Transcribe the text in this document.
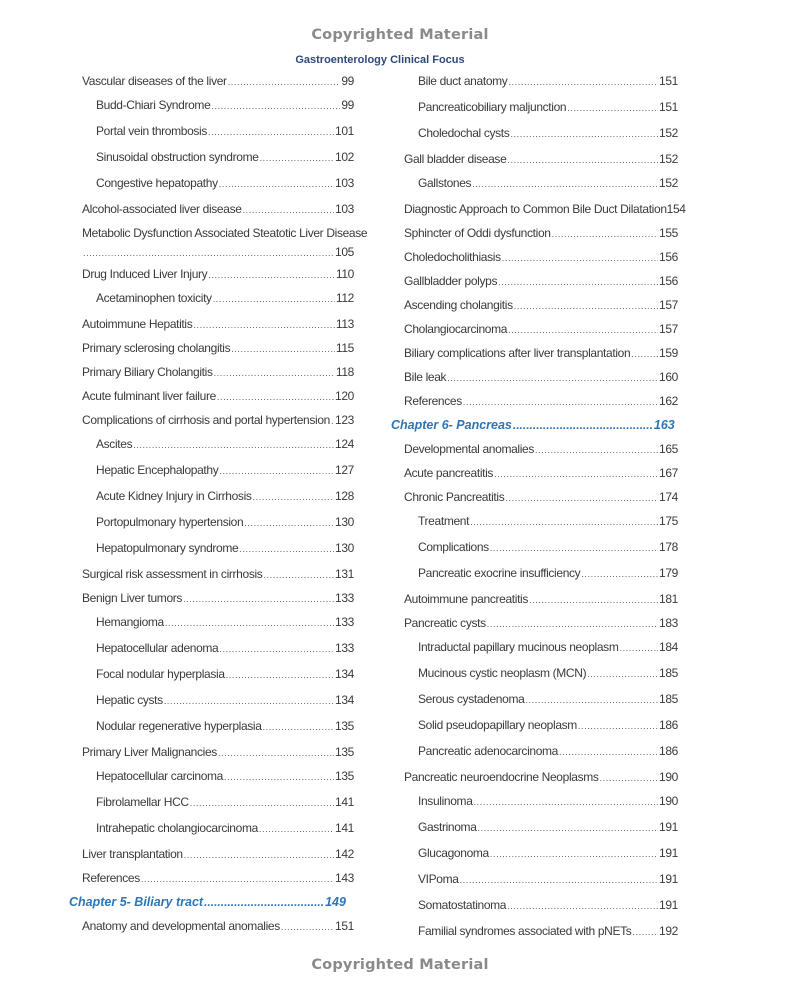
Copyrighted Material
Gastroenterology Clinical Focus
Vascular diseases of the liver .....	99
Budd-Chiari Syndrome .....	99
Portal vein thrombosis .....	101
Sinusoidal obstruction syndrome .....	102
Congestive hepatopathy .....	103
Alcohol-associated liver disease .....	103
Metabolic Dysfunction Associated Steatotic Liver Disease
.....
105
Drug Induced Liver Injury .....	110
Acetaminophen toxicity .....	112
Autoimmune Hepatitis .....	113
Primary sclerosing cholangitis .....	115
Primary Biliary Cholangitis .....	118
Acute fulminant liver failure .....	120
Complications of cirrhosis and portal hypertension ..... 123
Ascites .....	124
Hepatic Encephalopathy .....	127
Acute Kidney Injury in Cirrhosis .....	128
Portopulmonary hypertension .....	130
Hepatopulmonary syndrome .....	130
Surgical risk assessment in cirrhosis .....	131
Benign Liver tumors .....	133
Hemangioma .....	133
Hepatocellular adenoma .....	133
Focal nodular hyperplasia .....	134
Hepatic cysts .....	134
Nodular regenerative hyperplasia .....	135
Primary Liver Malignancies .....	135
Hepatocellular carcinoma .....	135
Fibrolamellar HCC .....	141
Intrahepatic cholangiocarcinoma .....	141
Liver transplantation .....	142
References .....	143
Chapter 5- Biliary tract .....	149
Anatomy and developmental anomalies .....	151
Bile duct anatomy .....	151
Pancreaticobiliary maljunction .....	151
Choledochal cysts .....	152
Gall bladder disease .....	152
Gallstones .....	152
Diagnostic Approach to Common Bile Duct Dilatation 154
Sphincter of Oddi dysfunction .....	155
Choledocholithiasis .....	156
Gallbladder polyps .....	156
Ascending cholangitis .....	157
Cholangiocarcinoma .....	157
Biliary complications after liver transplantation ..... 159
Bile leak .....	160
References .....	162
Chapter 6- Pancreas .....	163
Developmental anomalies .....	165
Acute pancreatitis .....	167
Chronic Pancreatitis .....	174
Treatment .....	175
Complications .....	178
Pancreatic exocrine insufficiency .....	179
Autoimmune pancreatitis .....	181
Pancreatic cysts .....	183
Intraductal papillary mucinous neoplasm .....	184
Mucinous cystic neoplasm (MCN) .....	185
Serous cystadenoma .....	185
Solid pseudopapillary neoplasm .....	186
Pancreatic adenocarcinoma .....	186
Pancreatic neuroendocrine Neoplasms .....	190
Insulinoma .....	190
Gastrinoma .....	191
Glucagonoma .....	191
VIPoma .....	191
Somatostatinoma .....	191
Familial syndromes associated with pNETs ..... 192
Copyrighted Material
